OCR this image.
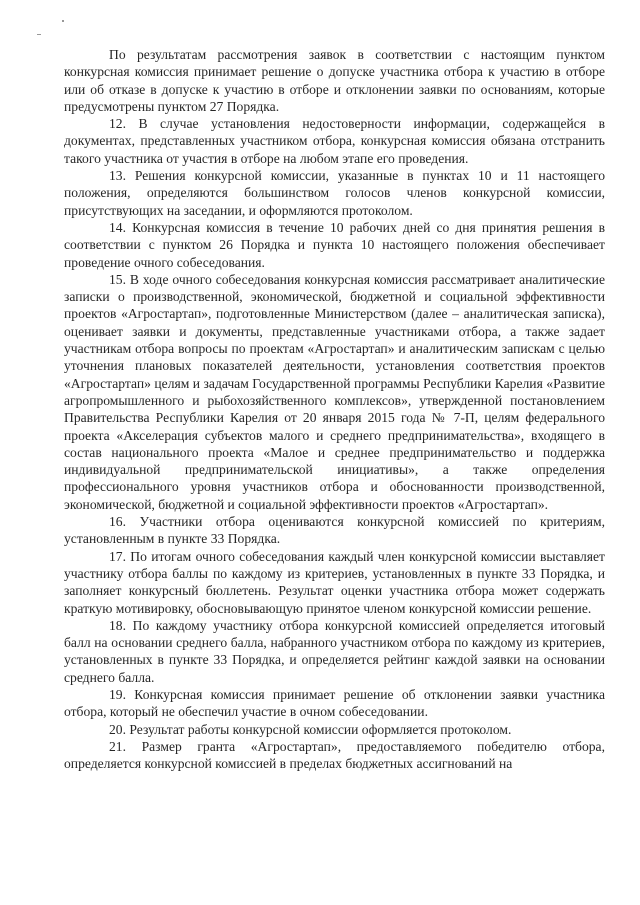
По результатам рассмотрения заявок в соответствии с настоящим пунктом конкурсная комиссия принимает решение о допуске участника отбора к участию в отборе или об отказе в допуске к участию в отборе и отклонении заявки по основаниям, которые предусмотрены пунктом 27 Порядка.

12. В случае установления недостоверности информации, содержащейся в документах, представленных участником отбора, конкурсная комиссия обязана отстранить такого участника от участия в отборе на любом этапе его проведения.

13. Решения конкурсной комиссии, указанные в пунктах 10 и 11 настоящего положения, определяются большинством голосов членов конкурсной комиссии, присутствующих на заседании, и оформляются протоколом.

14. Конкурсная комиссия в течение 10 рабочих дней со дня принятия решения в соответствии с пунктом 26 Порядка и пункта 10 настоящего положения обеспечивает проведение очного собеседования.

15. В ходе очного собеседования конкурсная комиссия рассматривает аналитические записки о производственной, экономической, бюджетной и социальной эффективности проектов «Агростартап», подготовленные Министерством (далее – аналитическая записка), оценивает заявки и документы, представленные участниками отбора, а также задает участникам отбора вопросы по проектам «Агростартап» и аналитическим запискам с целью уточнения плановых показателей деятельности, установления соответствия проектов «Агростартап» целям и задачам Государственной программы Республики Карелия «Развитие агропромышленного и рыбохозяйственного комплексов», утвержденной постановлением Правительства Республики Карелия от 20 января 2015 года № 7-П, целям федерального проекта «Акселерация субъектов малого и среднего предпринимательства», входящего в состав национального проекта «Малое и среднее предпринимательство и поддержка индивидуальной предпринимательской инициативы», а также определения профессионального уровня участников отбора и обоснованности производственной, экономической, бюджетной и социальной эффективности проектов «Агростартап».

16. Участники отбора оцениваются конкурсной комиссией по критериям, установленным в пункте 33 Порядка.

17. По итогам очного собеседования каждый член конкурсной комиссии выставляет участнику отбора баллы по каждому из критериев, установленных в пункте 33 Порядка, и заполняет конкурсный бюллетень. Результат оценки участника отбора может содержать краткую мотивировку, обосновывающую принятое членом конкурсной комиссии решение.

18. По каждому участнику отбора конкурсной комиссией определяется итоговый балл на основании среднего балла, набранного участником отбора по каждому из критериев, установленных в пункте 33 Порядка, и определяется рейтинг каждой заявки на основании среднего балла.

19. Конкурсная комиссия принимает решение об отклонении заявки участника отбора, который не обеспечил участие в очном собеседовании.

20. Результат работы конкурсной комиссии оформляется протоколом.

21. Размер гранта «Агростартап», предоставляемого победителю отбора, определяется конкурсной комиссией в пределах бюджетных ассигнований на
